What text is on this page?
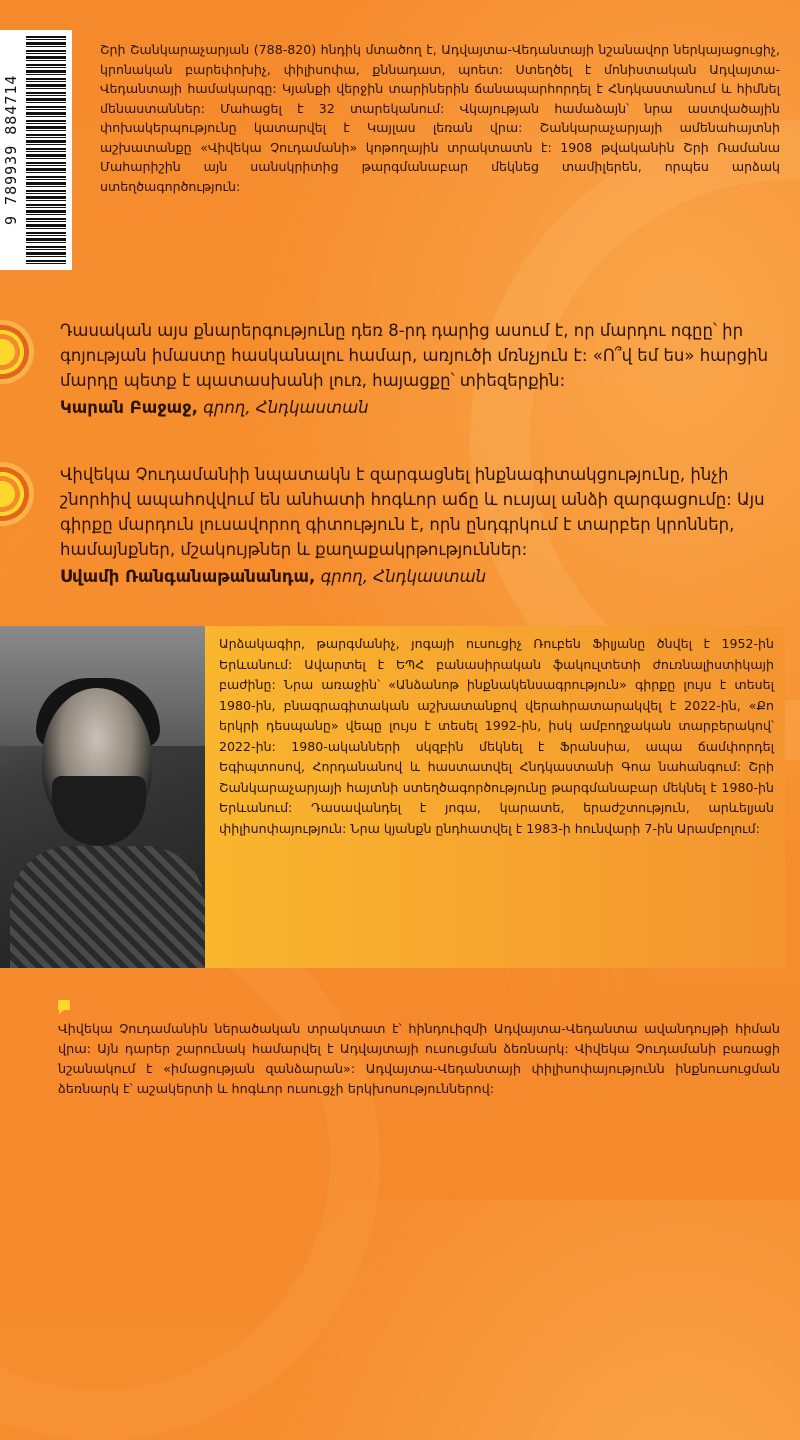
9 789939 884714
Շրի Շանկարաչարյան (788-820) հնդիկ մտածող է, Ադվայտա-Վեդանտայի նշանավոր ներկայացուցիչ, կրոնական բարեփոխիչ, փիլիսոփա, քննադատ, պոետ: Ստեղծել է մոնիստական Ադվայտա-Վեդանտայի համակարգը: Կյանքի վերջին տարիներին ճանապարհորդել է Հնդկաստանում և հիմնել մենաստաններ: Մահացել է 32 տարեկանում: Վկայության համաձայն՝ նրա աստվածային փոխակերպությունը կատարվել է Կայլաս լեռան վրա: Շանկարաչարյայի ամենահայտնի աշխատանքը «Վիվեկա Չուդամանի» կոթողային տրակտատն է: 1908 թվականին Շրի Ռամանա Մահարիշին այն սանսկրիտից թարգմանաբար մեկնեց տամիլերեն, որպես արձակ ստեղծագործություն:
Դասական այս քնարերգությունը դեռ 8-րդ դարից ասում է, որ մարդու ոգըը՝ իր գոյության իմաստը հասկանալու համար, առյուծի մռնչյուն է: «Ո՞վ եմ ես» հարցին մարդը պետք է պատասխանի լուռ, հայացքը՝ տիեզերքին:
Կարան Բաջաջ, գրող, Հնդկաստան
Վիվեկա Չուդամանիի նպատակն է զարգացնել ինքնագիտակցությունը, ինչի շնորհիվ ապահովվում են անհատի հոգևոր աճը և ուսյալ անձի զարգացումը: Այս գիրքը մարդուն լուսավորող գիտություն է, որն ընդգրկում է տարբեր կրոններ, համայնքներ, մշակույթներ և քաղաքակրթություններ:
Սվամի Ռանգանաթանանդա, գրող, Հնդկաստան
Արձակագիր, թարգմանիչ, յոգայի ուսուցիչ Ռուբեն Ֆիլյանը ծնվել է 1952-ին Երևանում: Ավարտել է ԵՊՀ բանասիրական ֆակուլտետի ժուռնալիստիկայի բաժինը: Նրա առաջին՝ «Անձանոթ ինքնակենսագրություն» գիրքը լույս է տեսել 1980-ին, բնագրագիտական աշխատանքով վերահրատարակվել է 2022-ին, «Քո երկրի դեսպանը» վեպը լույս է տեսել 1992-ին, իսկ ամբողջական տարբերակով՝ 2022-ին: 1980-ականների սկզբին մեկնել է Ֆրանսիա, ապա ճամփորդել Եգիպտոսով, Հորդանանով և հաստատվել Հնդկաստանի Գոա նահանգում: Շրի Շանկարաչարյայի հայտնի ստեղծագործությունը թարգմանաբար մեկնել է 1980-ին Երևանում: Դասավանդել է յոգա, կարատե, երաժշտություն, արևելյան փիլիսոփայություն: Նրա կյանքն ընդհատվել է 1983-ի հունվարի 7-ին Արամբոլում:
Վիվեկա Չուդամանին ներածական տրակտատ է՝ հինդուիզմի Ադվայտա-Վեդանտա ավանդույթի հիման վրա: Այն դարեր շարունակ համարվել է Ադվայտայի ուսուցման ձեռնարկ: Վիվեկա Չուդամանի բառացի նշանակում է «իմացության զանձարան»: Ադվայտա-Վեդանտայի փիլիսոփայությունն ինքնուսուցման ձեռնարկ է՝ աշակերտի և հոգևոր ուսուցչի երկխոսություններով:
